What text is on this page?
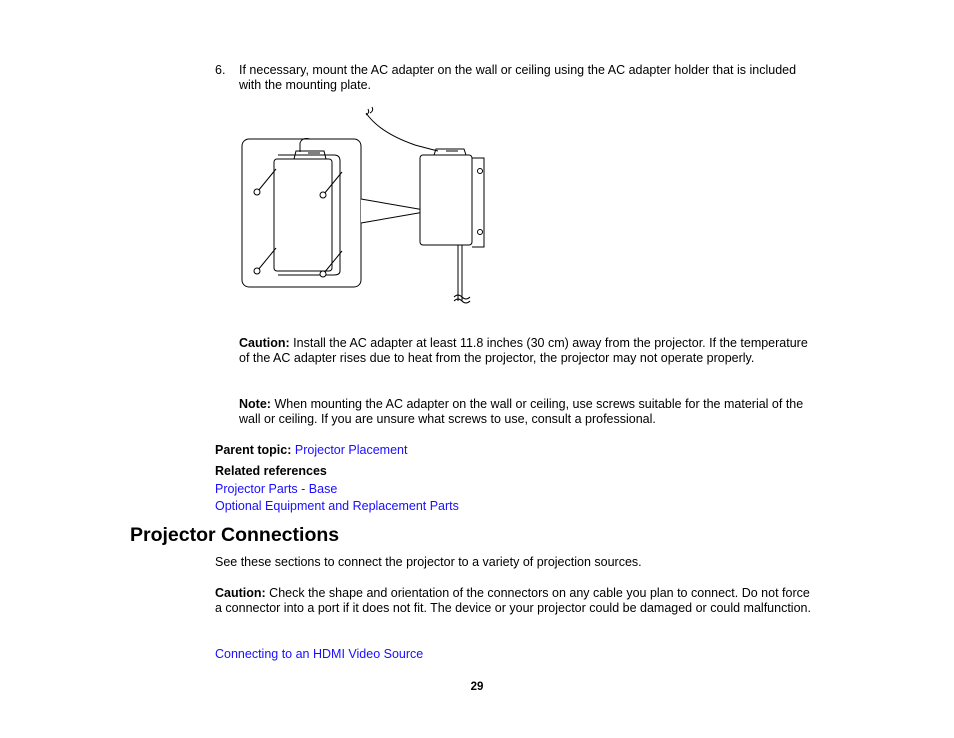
6. If necessary, mount the AC adapter on the wall or ceiling using the AC adapter holder that is included with the mounting plate.
Caution: Install the AC adapter at least 11.8 inches (30 cm) away from the projector. If the temperature of the AC adapter rises due to heat from the projector, the projector may not operate properly.
Note: When mounting the AC adapter on the wall or ceiling, use screws suitable for the material of the wall or ceiling. If you are unsure what screws to use, consult a professional.
Parent topic: Projector Placement
Related references
Projector Parts - Base
Optional Equipment and Replacement Parts
Projector Connections
See these sections to connect the projector to a variety of projection sources.
Caution: Check the shape and orientation of the connectors on any cable you plan to connect. Do not force a connector into a port if it does not fit. The device or your projector could be damaged or could malfunction.
Connecting to an HDMI Video Source
29
